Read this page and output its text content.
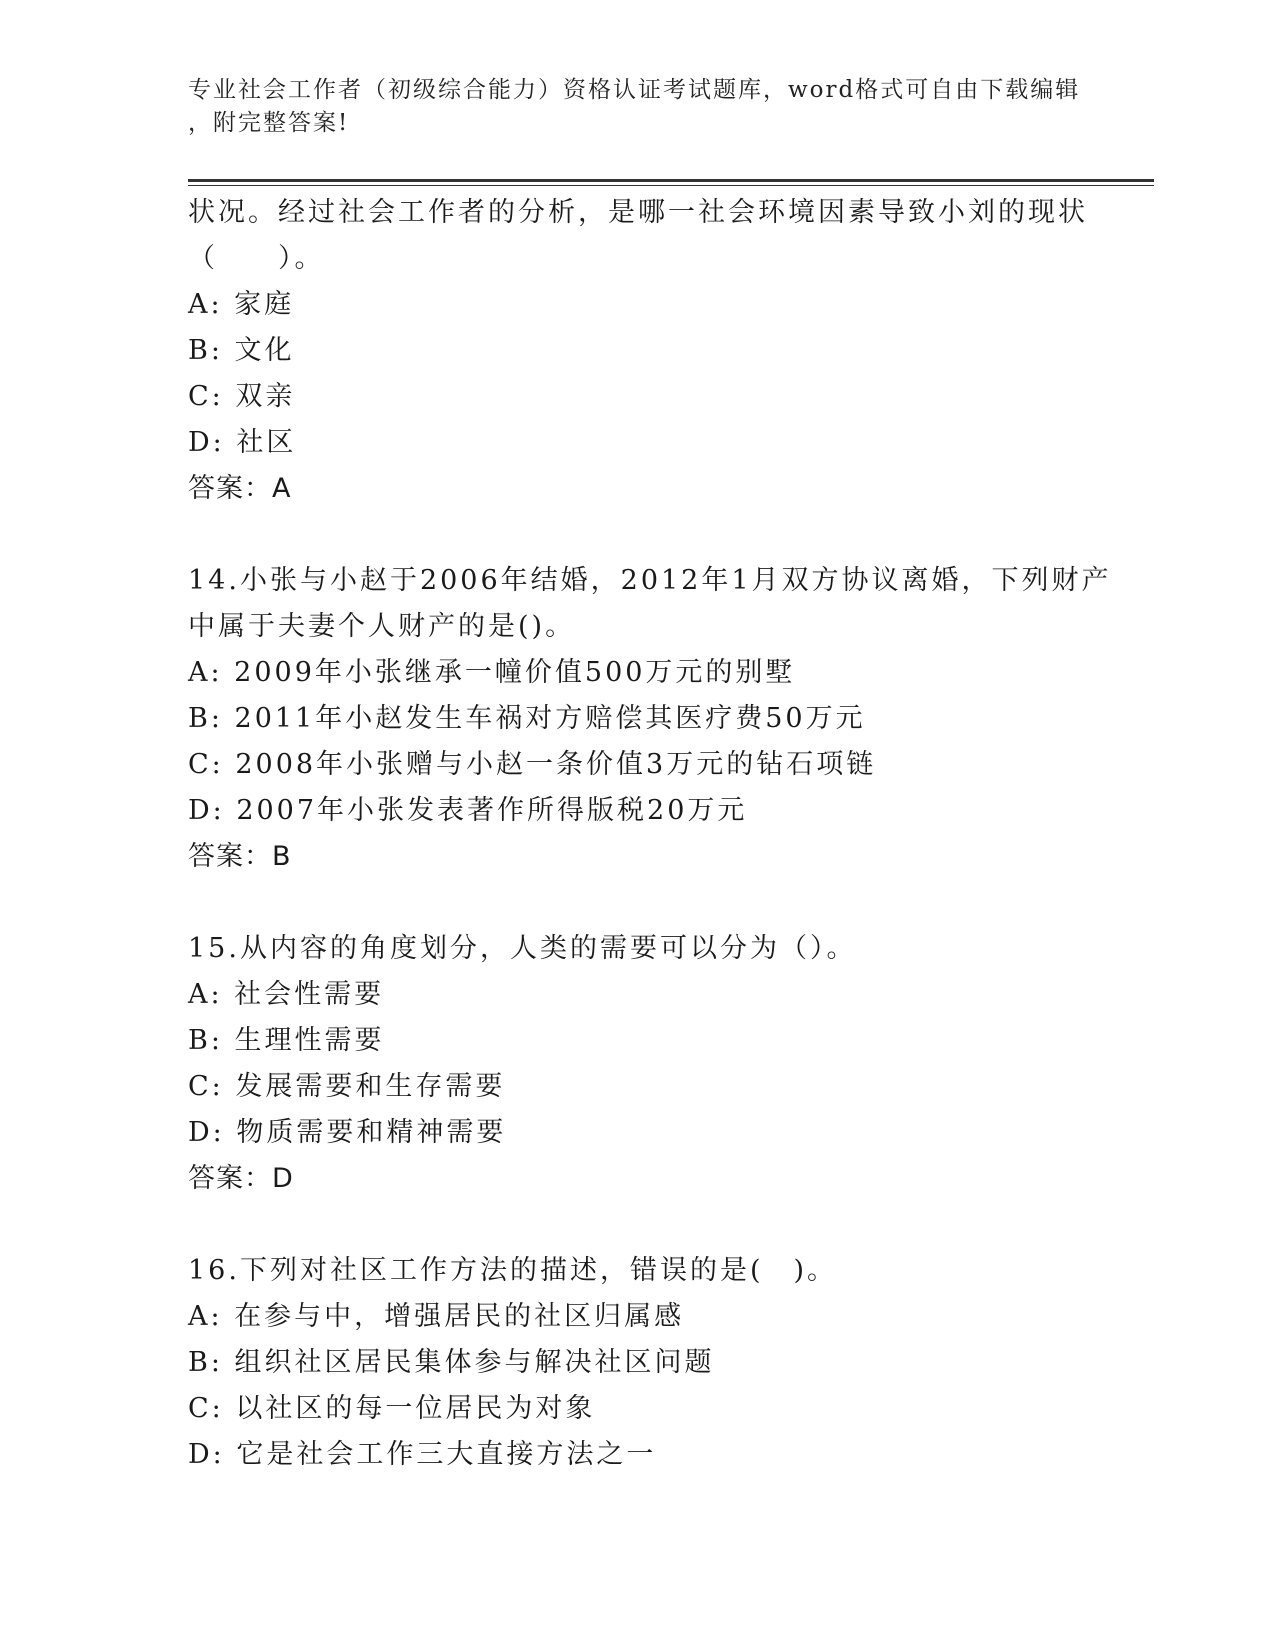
专业社会工作者（初级综合能力）资格认证考试题库，word格式可自由下载编辑
，附完整答案!
状况。经过社会工作者的分析，是哪一社会环境因素导致小刘的现状
（　　）。
A: 家庭
B: 文化
C: 双亲
D: 社区
答案：A
14.小张与小赵于2006年结婚，2012年1月双方协议离婚，下列财产
中属于夫妻个人财产的是()。
A: 2009年小张继承一幢价值500万元的别墅
B: 2011年小赵发生车祸对方赔偿其医疗费50万元
C: 2008年小张赠与小赵一条价值3万元的钻石项链
D: 2007年小张发表著作所得版税20万元
答案：B
15.从内容的角度划分，人类的需要可以分为（）。
A: 社会性需要
B: 生理性需要
C: 发展需要和生存需要
D: 物质需要和精神需要
答案：D
16.下列对社区工作方法的描述，错误的是(　)。
A: 在参与中，增强居民的社区归属感
B: 组织社区居民集体参与解决社区问题
C: 以社区的每一位居民为对象
D: 它是社会工作三大直接方法之一
